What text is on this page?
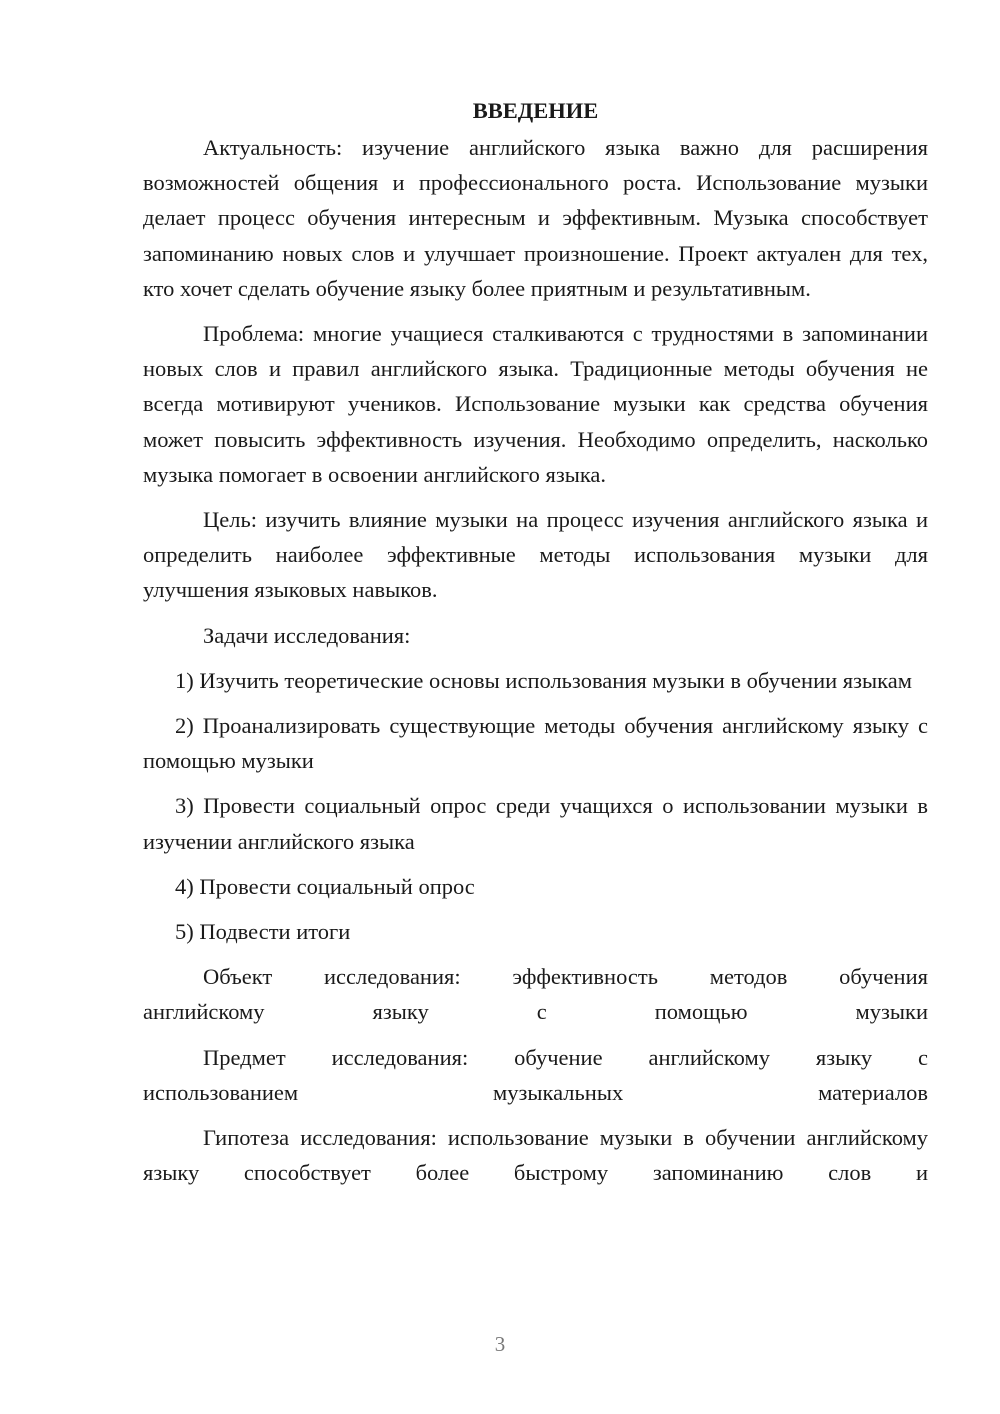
ВВЕДЕНИЕ

Актуальность: изучение английского языка важно для расширения возможностей общения и профессионального роста. Использование музыки делает процесс обучения интересным и эффективным. Музыка способствует запоминанию новых слов и улучшает произношение. Проект актуален для тех, кто хочет сделать обучение языку более приятным и результативным.

Проблема: многие учащиеся сталкиваются с трудностями в запоминании новых слов и правил английского языка. Традиционные методы обучения не всегда мотивируют учеников. Использование музыки как средства обучения может повысить эффективность изучения. Необходимо определить, насколько музыка помогает в освоении английского языка.

Цель: изучить влияние музыки на процесс изучения английского языка и определить наиболее эффективные методы использования музыки для улучшения языковых навыков.

Задачи исследования:

1) Изучить теоретические основы использования музыки в обучении языкам

2) Проанализировать существующие методы обучения английскому языку с помощью музыки

3) Провести социальный опрос среди учащихся о использовании музыки в изучении английского языка

4) Провести социальный опрос

5) Подвести итоги

Объект исследования: эффективность методов обучения
английскому языку с помощью музыки

Предмет исследования: обучение английскому языку с
использованием музыкальных материалов

Гипотеза исследования: использование музыки в обучении английскому языку способствует более быстрому запоминанию слов и

3
